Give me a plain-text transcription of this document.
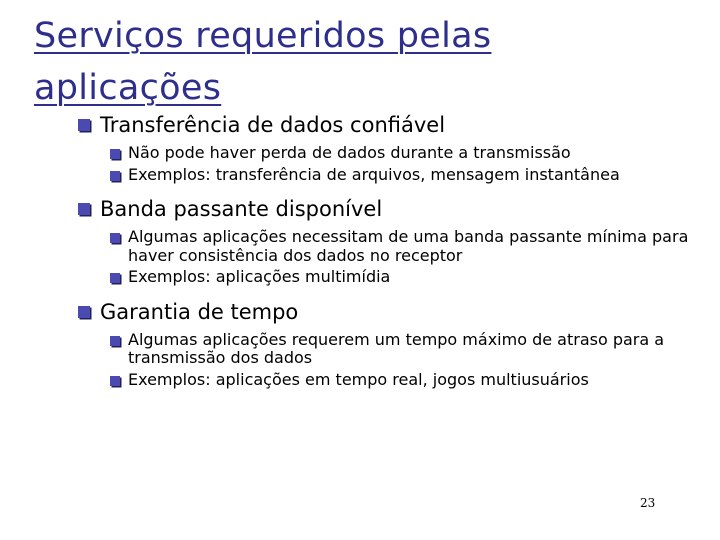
Serviços requeridos pelas aplicações
Transferência de dados confiável
Não pode haver perda de dados durante a transmissão
Exemplos: transferência de arquivos, mensagem instantânea
Banda passante disponível
Algumas aplicações necessitam de uma banda passante mínima para haver consistência dos dados no receptor
Exemplos: aplicações multimídia
Garantia de tempo
Algumas aplicações requerem um tempo máximo de atraso para a transmissão dos dados
Exemplos: aplicações em tempo real, jogos multiusuários
23
